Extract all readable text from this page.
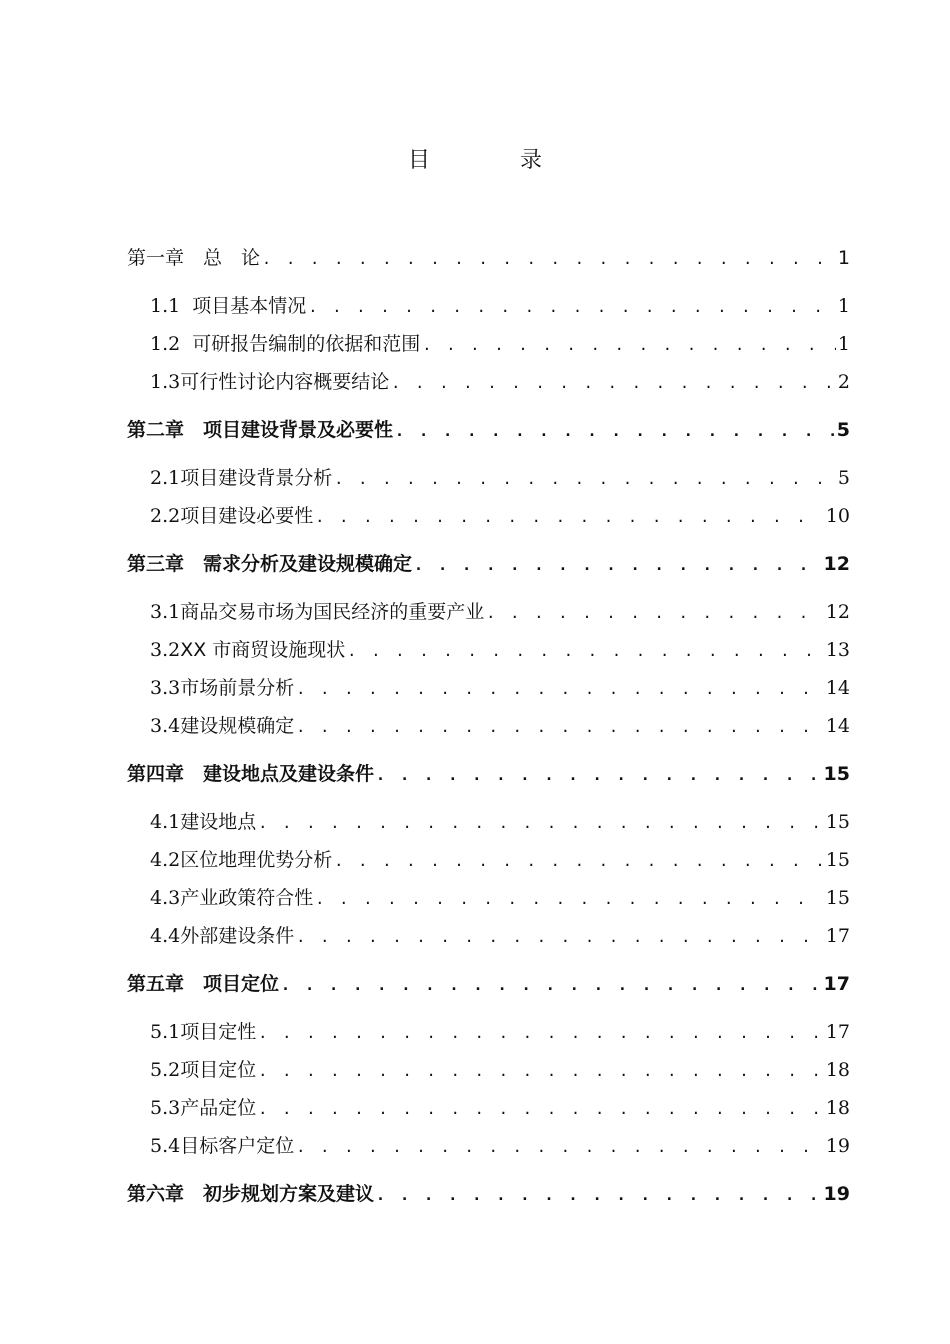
目　录
第一章 　总　论 . . .	1
1.1 项目基本情况 . . .	1
1.2 可研报告编制的依据和范围 . . .	1
1.3 可行性讨论内容概要结论 . . .	2
第二章 　项目建设背景及必要性 . . .	5
2.1 项目建设背景分析 . . .	5
2.2 项目建设必要性 . . .	10
第三章 　需求分析及建设规模确定 . . .	12
3.1 商品交易市场为国民经济的重要产业 . . .	12
3.2 XX 市商贸设施现状 . . .	13
3.3 市场前景分析 . . .	14
3.4 建设规模确定 . . .	14
第四章 　建设地点及建设条件 . . .	15
4.1 建设地点 . . .	15
4.2 区位地理优势分析 . . .	15
4.3 产业政策符合性 . . .	15
4.4 外部建设条件 . . .	17
第五章 　项目定位 . . .	17
5.1 项目定性 . . .	17
5.2 项目定位 . . .	18
5.3 产品定位 . . .	18
5.4 目标客户定位 . . .	19
第六章 　初步规划方案及建议 . . .	19
